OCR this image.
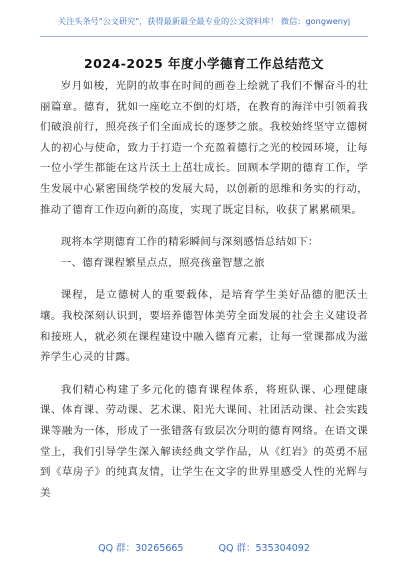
关注头条号"公文研究"，获得最新最全最专业的公文资料库！ 微信：gongwenyj
2024-2025 年度小学德育工作总结范文

岁月如梭，光阴的故事在时间的画卷上绘就了我们不懈奋斗的壮丽篇章。德育，犹如一座屹立不倒的灯塔，在教育的海洋中引领着我们破浪前行，照亮孩子们全面成长的逐梦之旅。我校始终坚守立德树人的初心与使命，致力于打造一个充盈着德行之光的校园环境，让每一位小学生都能在这片沃土上茁壮成长。回顾本学期的德育工作，学生发展中心紧密围绕学校的发展大局，以创新的思维和务实的行动，推动了德育工作迈向新的高度，实现了既定目标，收获了累累硕果。

现将本学期德育工作的精彩瞬间与深刻感悟总结如下：

一、德育课程繁星点点，照亮孩童智慧之旅

课程，是立德树人的重要载体，是培育学生美好品德的肥沃土壤。我校深刻认识到，要培养德智体美劳全面发展的社会主义建设者和接班人，就必须在课程建设中融入德育元素，让每一堂课都成为滋养学生心灵的甘露。

我们精心构建了多元化的德育课程体系，将班队课、心理健康课、体育课、劳动课、艺术课、阳光大课间、社团活动课、社会实践课等融为一体，形成了一张错落有致层次分明的德育网络。在语文课堂上，我们引导学生深入解读经典文学作品，从《红岩》的英勇不屈到《草房子》的纯真友情，让学生在文字的世界里感受人性的光辉与美

QQ 群：30265665	QQ 群：535304092
